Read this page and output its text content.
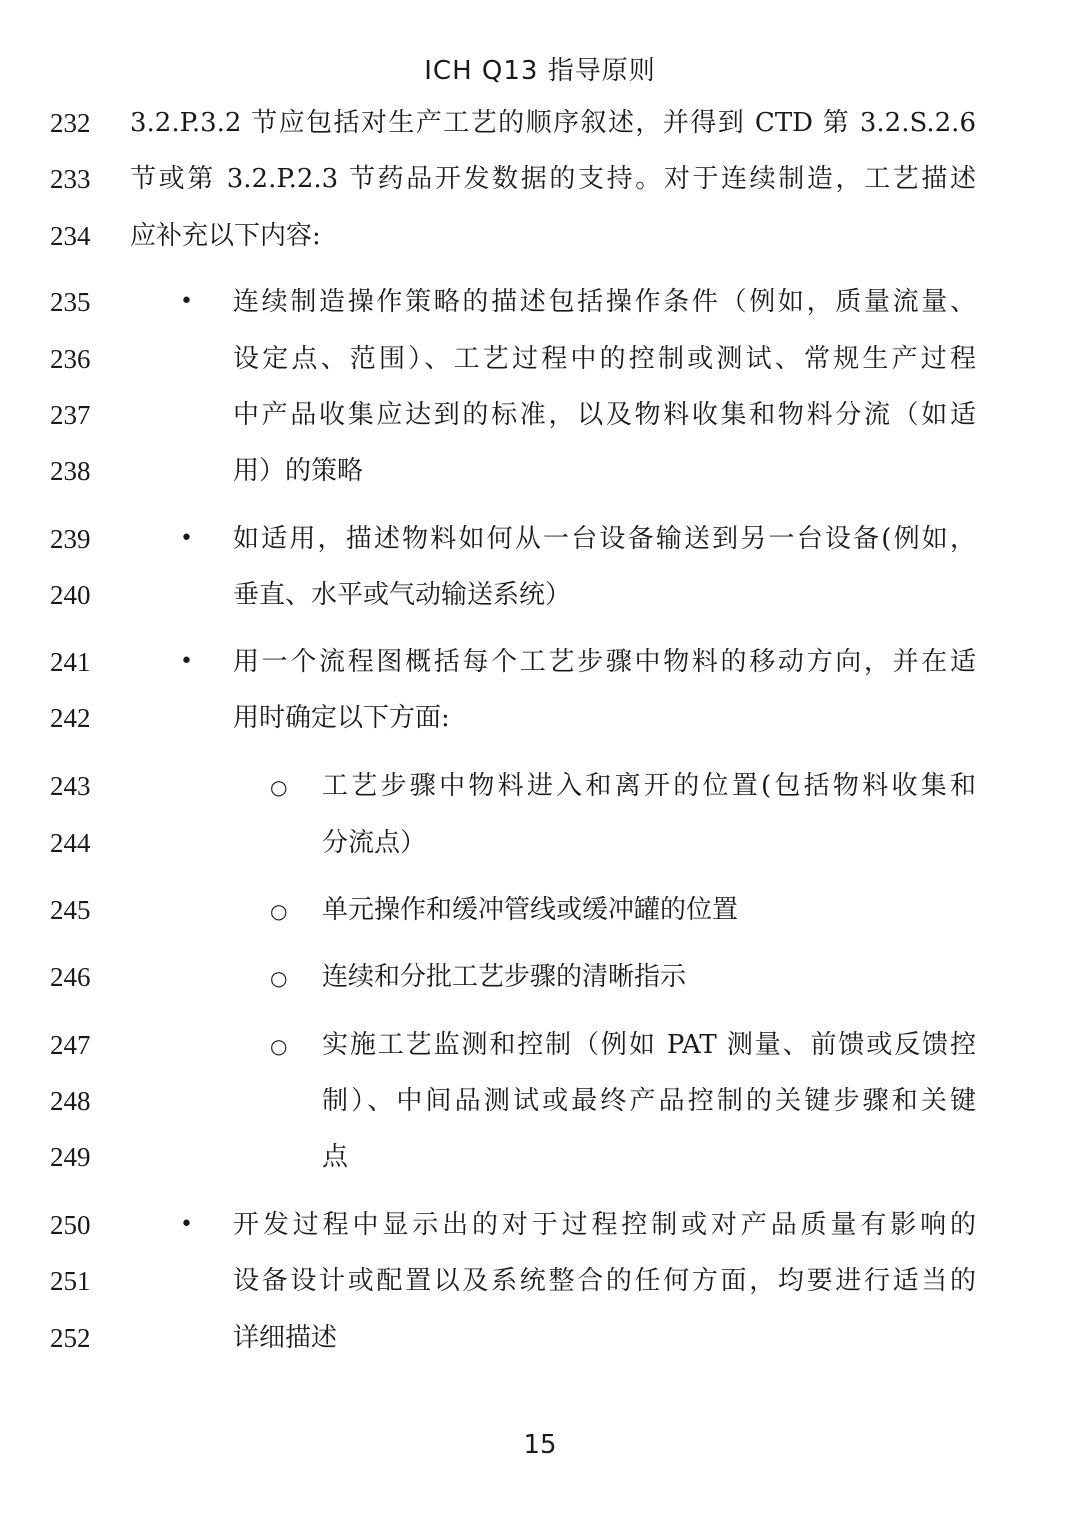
ICH Q13 指导原则
232	3.2.P.3.2 节应包括对生产工艺的顺序叙述，并得到 CTD 第 3.2.S.2.6
233	节或第 3.2.P.2.3 节药品开发数据的支持。对于连续制造，工艺描述
234	应补充以下内容:
235	• 连续制造操作策略的描述包括操作条件（例如，质量流量、
236	设定点、范围）、工艺过程中的控制或测试、常规生产过程
237	中产品收集应达到的标准，以及物料收集和物料分流（如适
238	用）的策略
239	• 如适用，描述物料如何从一台设备输送到另一台设备(例如，
240	垂直、水平或气动输送系统）
241	• 用一个流程图概括每个工艺步骤中物料的移动方向，并在适
242	用时确定以下方面:
243	○ 工艺步骤中物料进入和离开的位置(包括物料收集和
244	分流点）
245	○ 单元操作和缓冲管线或缓冲罐的位置
246	○ 连续和分批工艺步骤的清晰指示
247	○ 实施工艺监测和控制（例如 PAT 测量、前馈或反馈控
248	制）、中间品测试或最终产品控制的关键步骤和关键
249	点
250	• 开发过程中显示出的对于过程控制或对产品质量有影响的
251	设备设计或配置以及系统整合的任何方面，均要进行适当的
252	详细描述
15
